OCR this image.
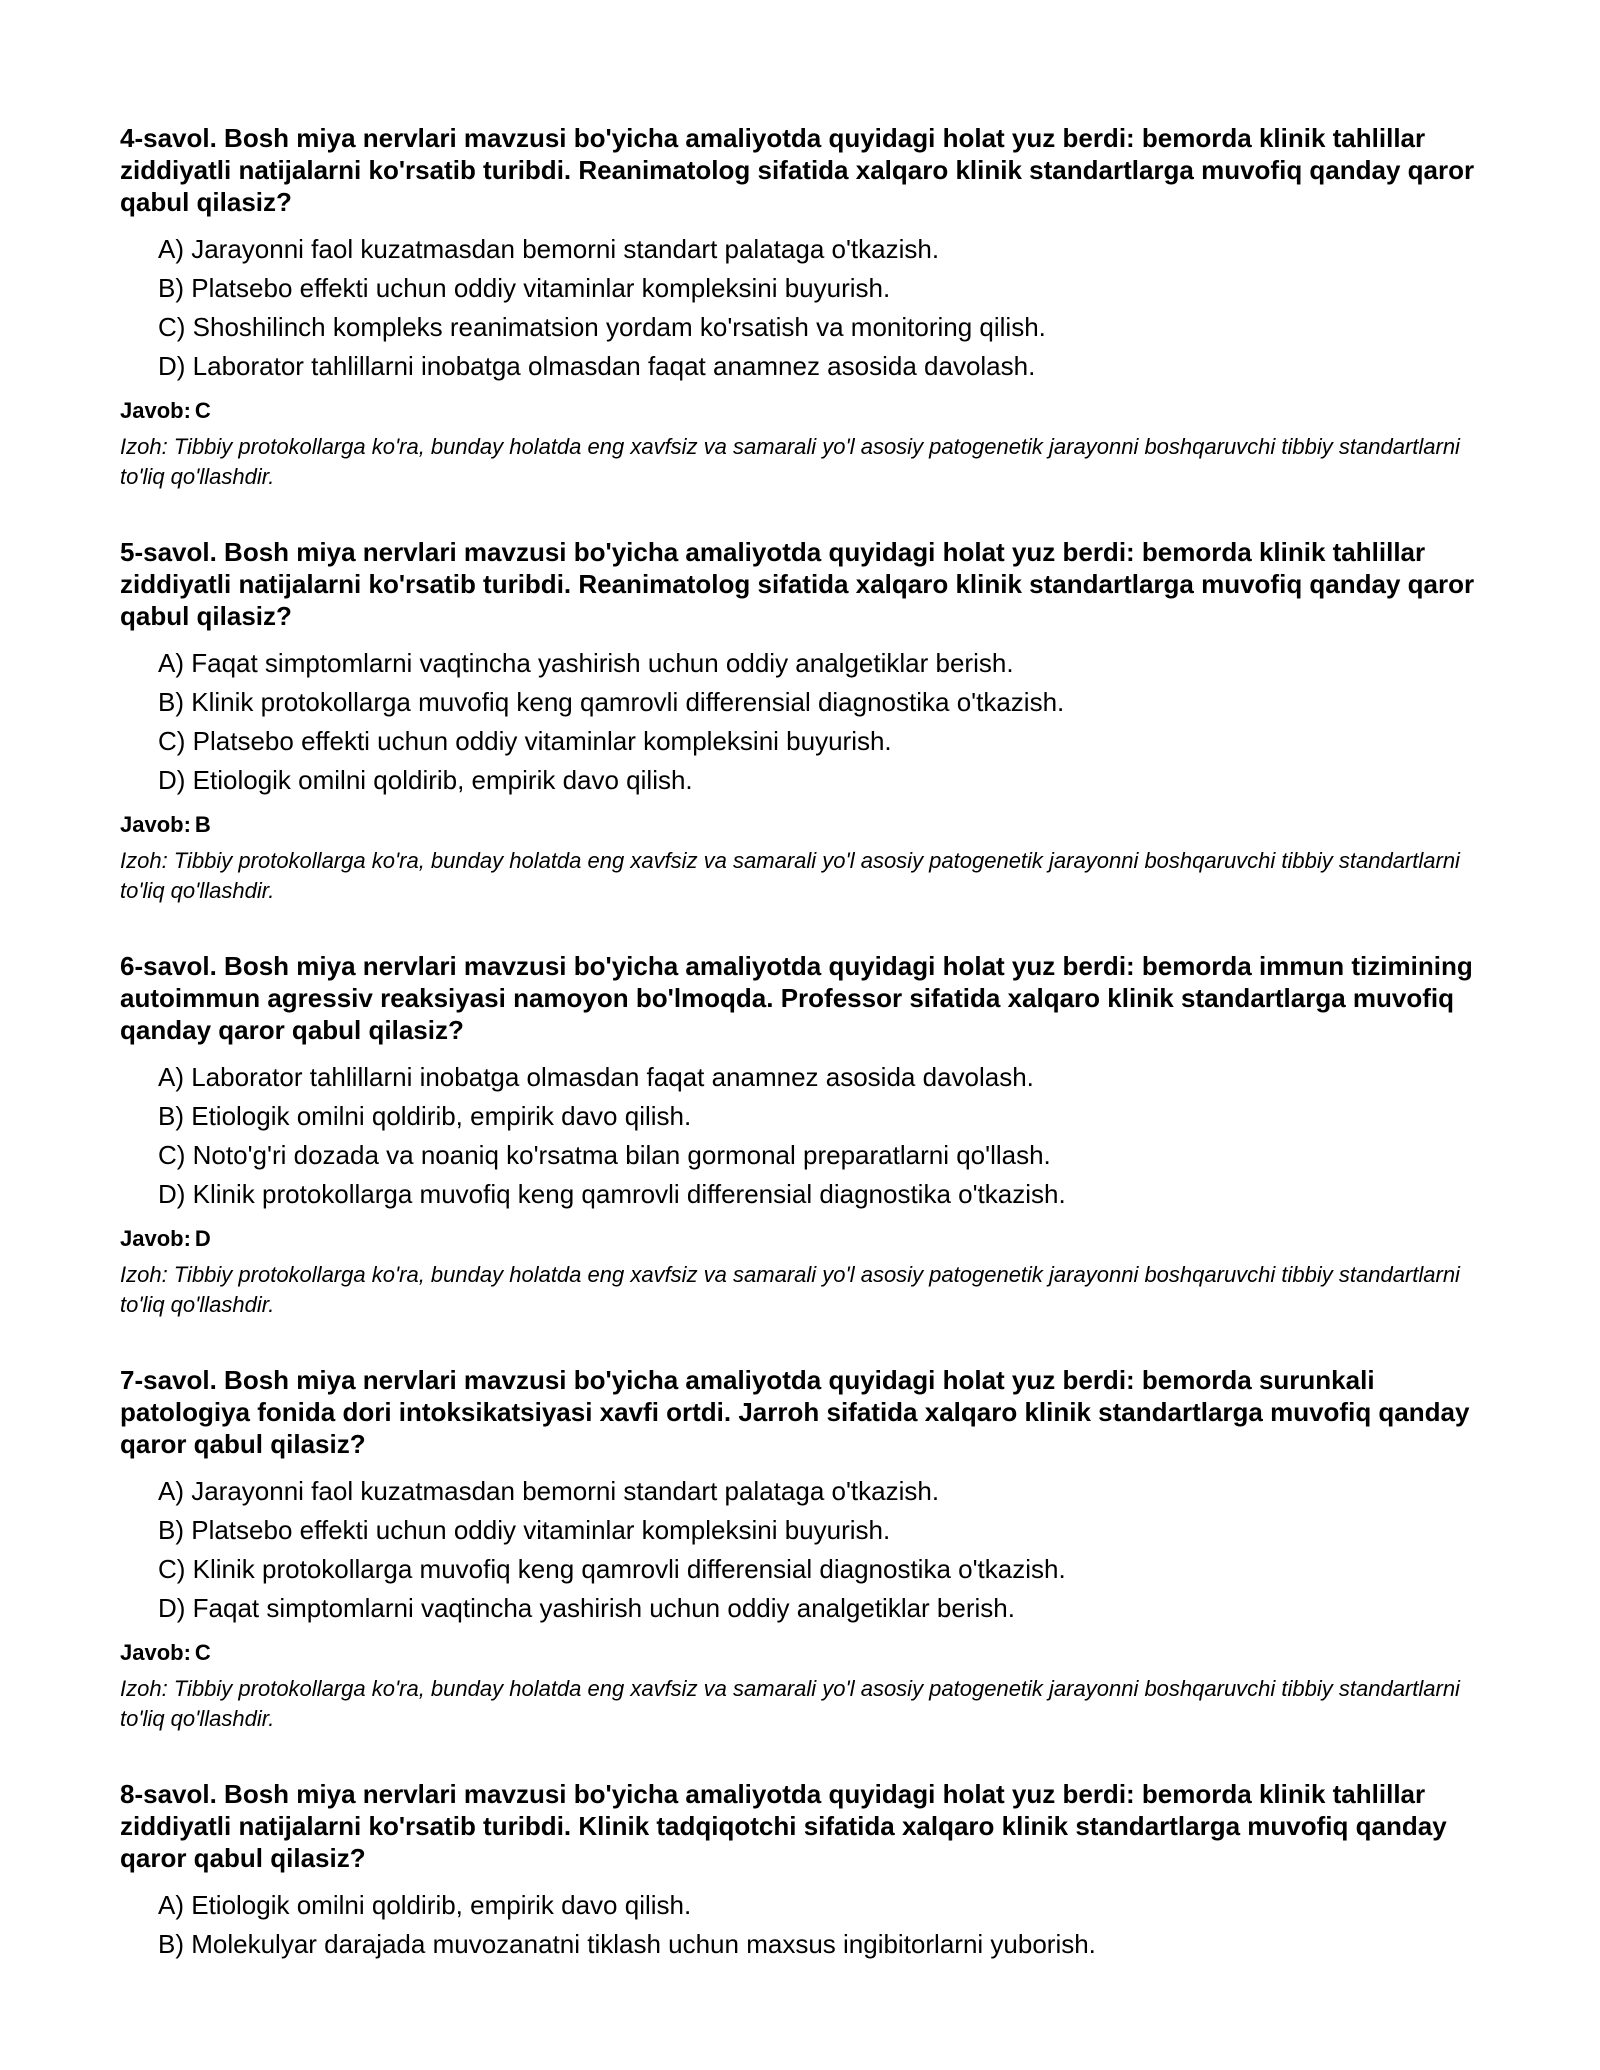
4-savol. Bosh miya nervlari mavzusi bo'yicha amaliyotda quyidagi holat yuz berdi: bemorda klinik tahlillar ziddiyatli natijalarni ko'rsatib turibdi. Reanimatolog sifatida xalqaro klinik standartlarga muvofiq qanday qaror qabul qilasiz?
A) Jarayonni faol kuzatmasdan bemorni standart palataga o'tkazish.
B) Platsebo effekti uchun oddiy vitaminlar kompleksini buyurish.
C) Shoshilinch kompleks reanimatsion yordam ko'rsatish va monitoring qilish.
D) Laborator tahlillarni inobatga olmasdan faqat anamnez asosida davolash.
Javob: C
Izoh: Tibbiy protokollarga ko'ra, bunday holatda eng xavfsiz va samarali yo'l asosiy patogenetik jarayonni boshqaruvchi tibbiy standartlarni to'liq qo'llashdir.
5-savol. Bosh miya nervlari mavzusi bo'yicha amaliyotda quyidagi holat yuz berdi: bemorda klinik tahlillar ziddiyatli natijalarni ko'rsatib turibdi. Reanimatolog sifatida xalqaro klinik standartlarga muvofiq qanday qaror qabul qilasiz?
A) Faqat simptomlarni vaqtincha yashirish uchun oddiy analgetiklar berish.
B) Klinik protokollarga muvofiq keng qamrovli differensial diagnostika o'tkazish.
C) Platsebo effekti uchun oddiy vitaminlar kompleksini buyurish.
D) Etiologik omilni qoldirib, empirik davo qilish.
Javob: B
Izoh: Tibbiy protokollarga ko'ra, bunday holatda eng xavfsiz va samarali yo'l asosiy patogenetik jarayonni boshqaruvchi tibbiy standartlarni to'liq qo'llashdir.
6-savol. Bosh miya nervlari mavzusi bo'yicha amaliyotda quyidagi holat yuz berdi: bemorda immun tizimining autoimmun agressiv reaksiyasi namoyon bo'lmoqda. Professor sifatida xalqaro klinik standartlarga muvofiq qanday qaror qabul qilasiz?
A) Laborator tahlillarni inobatga olmasdan faqat anamnez asosida davolash.
B) Etiologik omilni qoldirib, empirik davo qilish.
C) Noto'g'ri dozada va noaniq ko'rsatma bilan gormonal preparatlarni qo'llash.
D) Klinik protokollarga muvofiq keng qamrovli differensial diagnostika o'tkazish.
Javob: D
Izoh: Tibbiy protokollarga ko'ra, bunday holatda eng xavfsiz va samarali yo'l asosiy patogenetik jarayonni boshqaruvchi tibbiy standartlarni to'liq qo'llashdir.
7-savol. Bosh miya nervlari mavzusi bo'yicha amaliyotda quyidagi holat yuz berdi: bemorda surunkali patologiya fonida dori intoksikatsiyasi xavfi ortdi. Jarroh sifatida xalqaro klinik standartlarga muvofiq qanday qaror qabul qilasiz?
A) Jarayonni faol kuzatmasdan bemorni standart palataga o'tkazish.
B) Platsebo effekti uchun oddiy vitaminlar kompleksini buyurish.
C) Klinik protokollarga muvofiq keng qamrovli differensial diagnostika o'tkazish.
D) Faqat simptomlarni vaqtincha yashirish uchun oddiy analgetiklar berish.
Javob: C
Izoh: Tibbiy protokollarga ko'ra, bunday holatda eng xavfsiz va samarali yo'l asosiy patogenetik jarayonni boshqaruvchi tibbiy standartlarni to'liq qo'llashdir.
8-savol. Bosh miya nervlari mavzusi bo'yicha amaliyotda quyidagi holat yuz berdi: bemorda klinik tahlillar ziddiyatli natijalarni ko'rsatib turibdi. Klinik tadqiqotchi sifatida xalqaro klinik standartlarga muvofiq qanday qaror qabul qilasiz?
A) Etiologik omilni qoldirib, empirik davo qilish.
B) Molekulyar darajada muvozanatni tiklash uchun maxsus ingibitorlarni yuborish.
